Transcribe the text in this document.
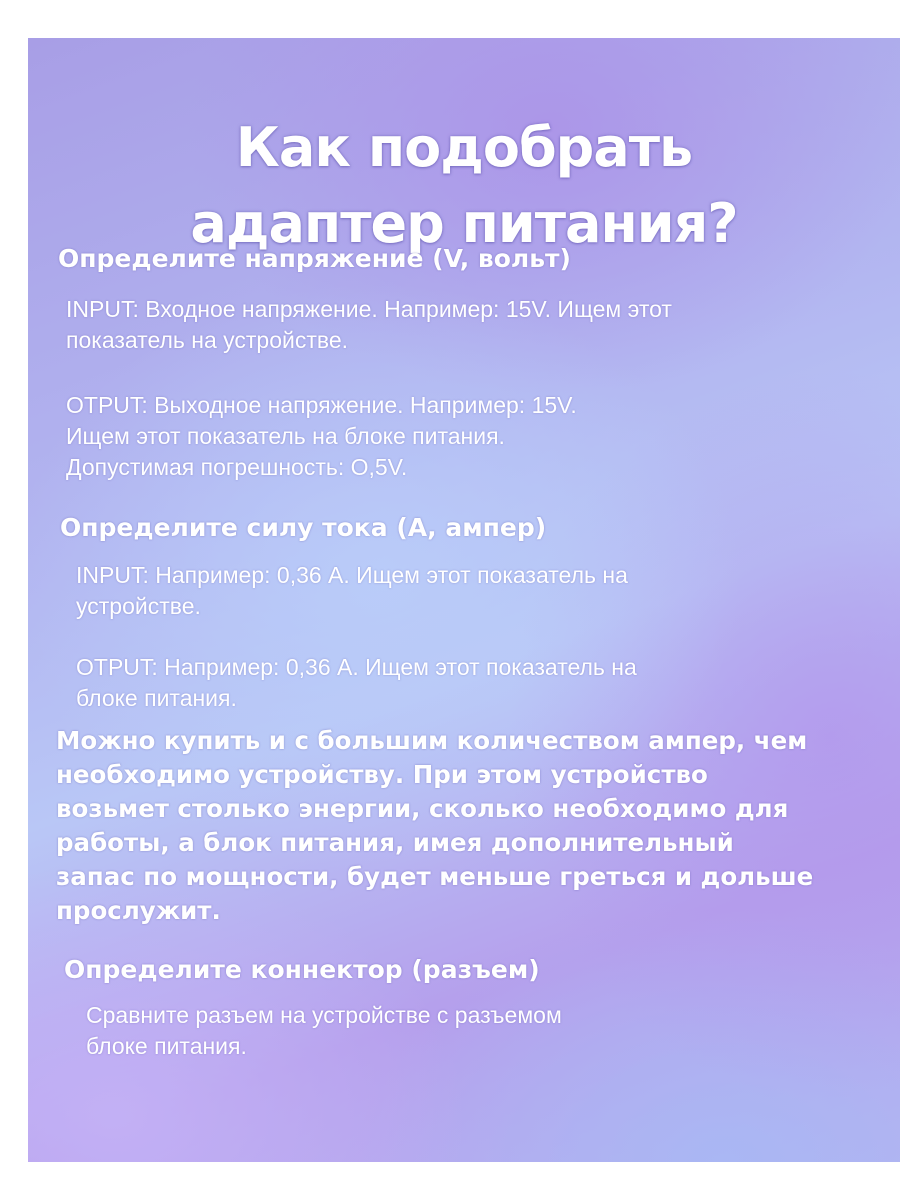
Как подобрать
адаптер питания?
Определите напряжение (V, вольт)

INPUT: Входное напряжение. Например: 15V. Ищем этот
показатель на устройстве.

OTPUT: Выходное напряжение. Например: 15V.
Ищем этот показатель на блоке питания.
Допустимая погрешность: O,5V.

Определите силу тока (А, ампер)

INPUT: Например: 0,36 А. Ищем этот показатель на
устройстве.

OTPUT: Например: 0,36 А. Ищем этот показатель на
блоке питания.

Можно купить и с большим количеством ампер, чем
необходимо устройству. При этом устройство
возьмет столько энергии, сколько необходимо для
работы, а блок питания, имея дополнительный
запас по мощности, будет меньше греться и дольше
прослужит.

Определите коннектор (разъем)

Сравните разъем на устройстве с разъемом
блоке питания.
